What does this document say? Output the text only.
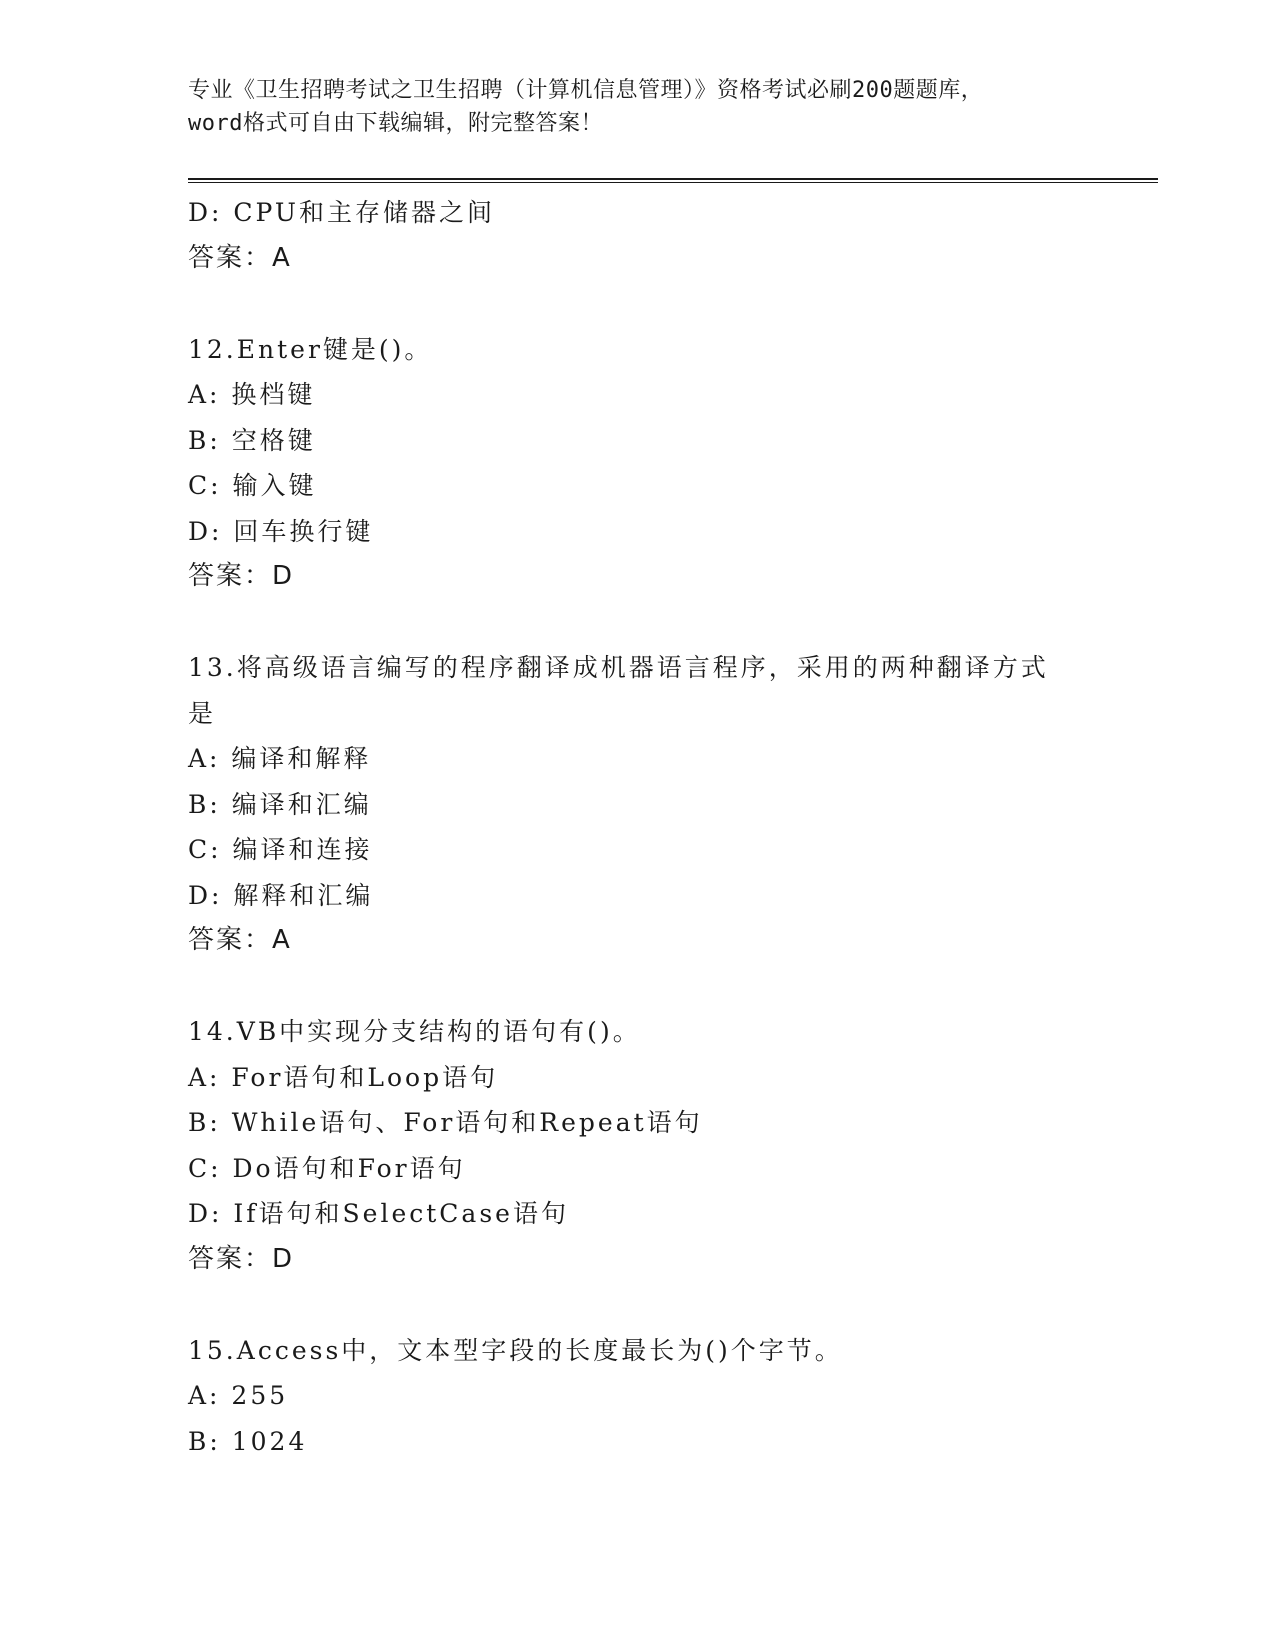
专业《卫生招聘考试之卫生招聘（计算机信息管理）》资格考试必刷200题题库，
word格式可自由下载编辑，附完整答案！
D: CPU和主存储器之间
答案：A
12.Enter键是()。
A: 换档键
B: 空格键
C: 输入键
D: 回车换行键
答案：D
13.将高级语言编写的程序翻译成机器语言程序，采用的两种翻译方式
是
A: 编译和解释
B: 编译和汇编
C: 编译和连接
D: 解释和汇编
答案：A
14.VB中实现分支结构的语句有()。
A: For语句和Loop语句
B: While语句、For语句和Repeat语句
C: Do语句和For语句
D: If语句和SelectCase语句
答案：D
15.Access中，文本型字段的长度最长为()个字节。
A: 255
B: 1024
